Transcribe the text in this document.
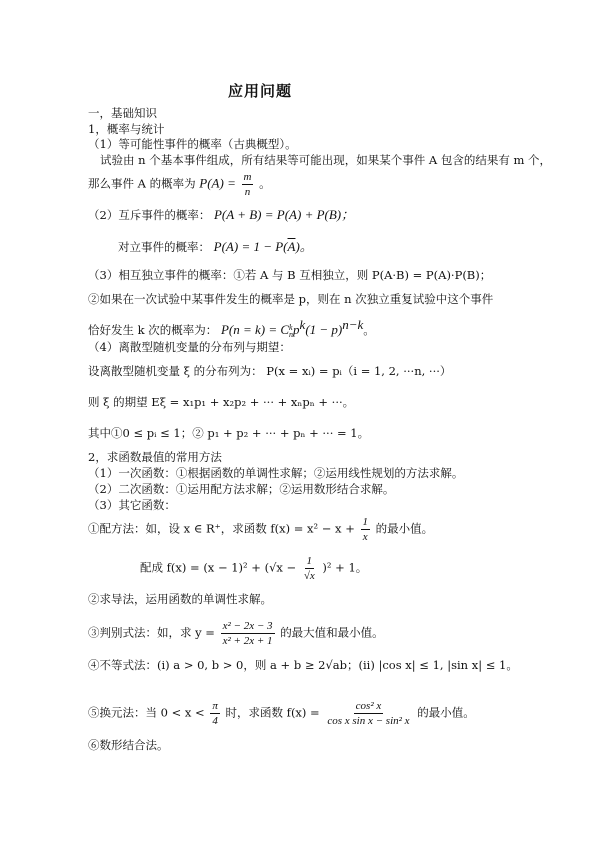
应用问题
一，基础知识
1，概率与统计
（1）等可能性事件的概率（古典概型）。
试验由 n 个基本事件组成，所有结果等可能出现，如果某个事件 A 包含的结果有 m 个，
那么事件 A 的概率为 $P(A) = \frac{m}{n}$ 。
（2）互斥事件的概率： P(A + B) = P(A) + P(B)；
对立事件的概率： $P(A) = 1 - P(\overline{A})$。
（3）相互独立事件的概率：①若 A 与 B 互相独立，则 P(A·B) = P(A)·P(B)；
②如果在一次试验中某事件发生的概率是 p，则在 n 次独立重复试验中这个事件
恰好发生 k 次的概率为： P(n = k) = C k
n $p^k(1 - p)^{n-k}$。
（4）离散型随机变量的分布列与期望：
设离散型随机变量 ξ 的分布列为： P(x = xᵢ) = pᵢ（i = 1, 2, ···n, ···）
则 ξ 的期望 Eξ = x₁p₁ + x₂p₂ + ··· + xₙpₙ + ···。
其中①0 ≤ pᵢ ≤ 1；② p₁ + p₂ + ··· + pₙ + ··· = 1。
2，求函数最值的常用方法
（1）一次函数：①根据函数的单调性求解；②运用线性规划的方法求解。
（2）二次函数：①运用配方法求解；②运用数形结合求解。
（3）其它函数：
①配方法：如，设 x ∈ R⁺，求函数 $f(x) = x^2 - x + \frac{1}{x}$ 的最小值。
配成 $f(x) = (x - 1)^2 + (√x - \frac{1}{√x} )^2 + 1$。
②求导法，运用函数的单调性求解。
③判别式法：如，求 $y = \frac{\text{x² − 2x − 3}}{\text{x² + 2x + 1}}$ 的最大值和最小值。
④不等式法：(i) a > 0, b > 0，则 a + b ≥ 2√ab；(ii) |cos x| ≤ 1, |sin x| ≤ 1。
⑤换元法：当 $0 < x < \frac{\pi}{4}$ 时，求函数 $f(x) = \frac{\text{cos² x}}{\text{cos x sin x − sin² x}}$ 的最小值。
⑥数形结合法。
